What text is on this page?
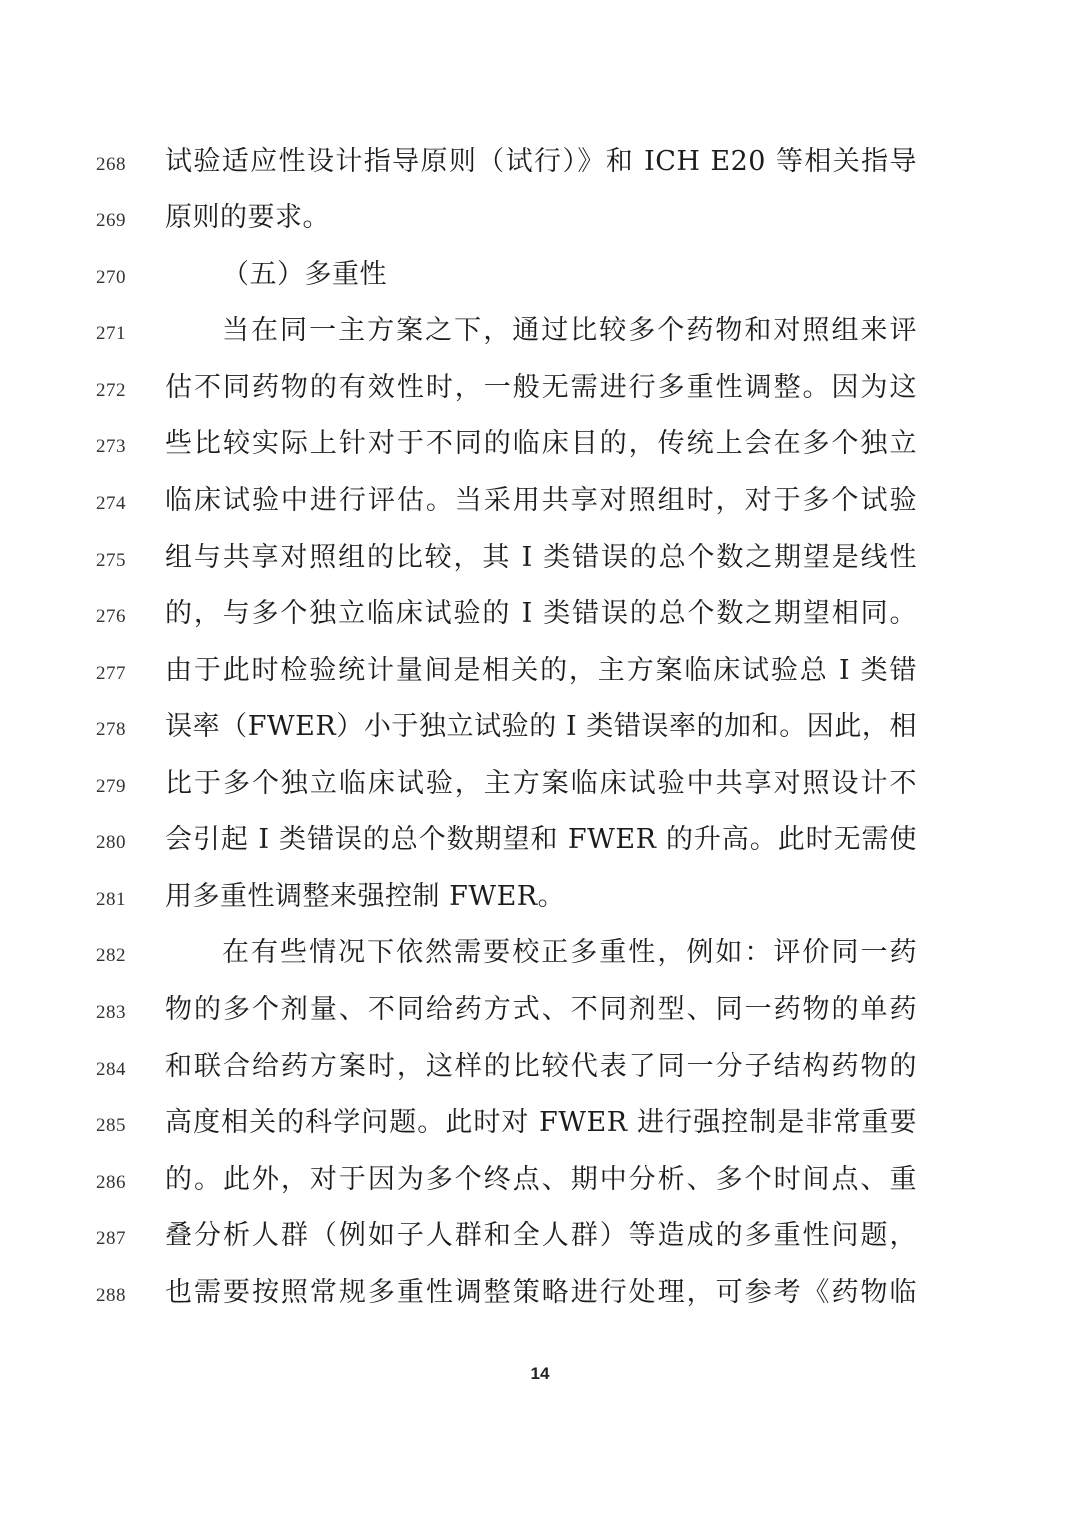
268 试验适应性设计指导原则（试行）》和 ICH E20 等相关指导
269 原则的要求。
270	（五）多重性
271	当在同一主方案之下，通过比较多个药物和对照组来评
272 估不同药物的有效性时，一般无需进行多重性调整。因为这
273 些比较实际上针对于不同的临床目的，传统上会在多个独立
274 临床试验中进行评估。当采用共享对照组时，对于多个试验
275 组与共享对照组的比较，其 I 类错误的总个数之期望是线性
276 的，与多个独立临床试验的 I 类错误的总个数之期望相同。
277 由于此时检验统计量间是相关的，主方案临床试验总 I 类错
278 误率（FWER）小于独立试验的 I 类错误率的加和。因此，相
279 比于多个独立临床试验，主方案临床试验中共享对照设计不
280 会引起 I 类错误的总个数期望和 FWER 的升高。此时无需使
281 用多重性调整来强控制 FWER。
282	在有些情况下依然需要校正多重性，例如：评价同一药
283 物的多个剂量、不同给药方式、不同剂型、同一药物的单药
284 和联合给药方案时，这样的比较代表了同一分子结构药物的
285 高度相关的科学问题。此时对 FWER 进行强控制是非常重要
286 的。此外，对于因为多个终点、期中分析、多个时间点、重
287 叠分析人群（例如子人群和全人群）等造成的多重性问题，
288 也需要按照常规多重性调整策略进行处理，可参考《药物临
14
